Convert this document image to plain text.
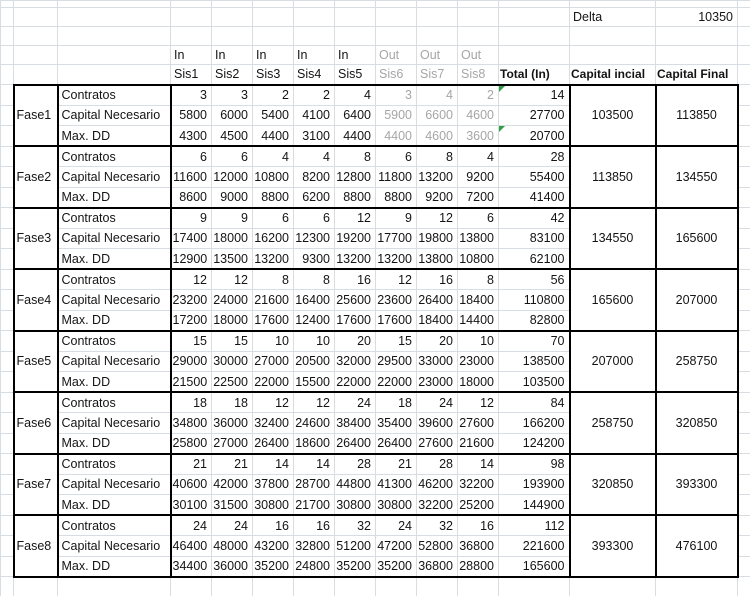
												Delta	10350	

			In	In	In	In	In	Out	Out	Out				
			Sis1	Sis2	Sis3	Sis4	Sis5	Sis6	Sis7	Sis8	Total (In)	Capital incial	Capital Final	
	Fase1	Contratos	3	3	2	2	4	3	4	2	14	103500	113850	
		Capital Necesario	5800	6000	5400	4100	6400	5900	6600	4600	27700			
		Max. DD	4300	4500	4400	3100	4400	4400	4600	3600	20700		

	Fase2	Contratos	6	6	4	4	8	6	8	4	28	113850	134550	
		Capital Necesario	11600	12000	10800	8200	12800	11800	13200	9200	55400			
		Max. DD	8600	9000	8800	6200	8800	8800	9200	7200	41400			
	Fase3	Contratos	9	9	6	6	12	9	12	6	42	134550	165600	
		Capital Necesario	17400	18000	16200	12300	19200	17700	19800	13800	83100			
		Max. DD	12900	13500	13200	9300	13200	13200	13800	10800	62100			
	Fase4	Contratos	12	12	8	8	16	12	16	8	56	165600	207000	
		Capital Necesario	23200	24000	21600	16400	25600	23600	26400	18400	110800			
		Max. DD	17200	18000	17600	12400	17600	17600	18400	14400	82800			
	Fase5	Contratos	15	15	10	10	20	15	20	10	70	207000	258750	
		Capital Necesario	29000	30000	27000	20500	32000	29500	33000	23000	138500			
		Max. DD	21500	22500	22000	15500	22000	22000	23000	18000	103500			
	Fase6	Contratos	18	18	12	12	24	18	24	12	84	258750	320850	
		Capital Necesario	34800	36000	32400	24600	38400	35400	39600	27600	166200			
		Max. DD	25800	27000	26400	18600	26400	26400	27600	21600	124200			
	Fase7	Contratos	21	21	14	14	28	21	28	14	98	320850	393300	
		Capital Necesario	40600	42000	37800	28700	44800	41300	46200	32200	193900			
		Max. DD	30100	31500	30800	21700	30800	30800	32200	25200	144900			
	Fase8	Contratos	24	24	16	16	32	24	32	16	112	393300	476100	
		Capital Necesario	46400	48000	43200	32800	51200	47200	52800	36800	221600			
		Max. DD	34400	36000	35200	24800	35200	35200	36800	28800	165600			
